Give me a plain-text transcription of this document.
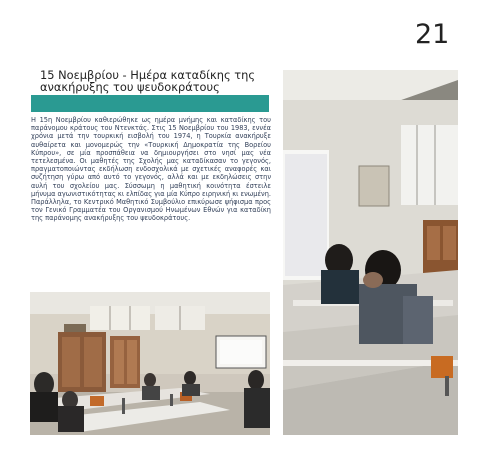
21
15 Νοεμβρίου - Ημέρα καταδίκης της ανακήρυξης του ψευδοκράτους
Η 15η Νοεμβρίου καθιερώθηκε ως ημέρα μνήμης και καταδίκης του παράνομου κράτους του Ντενκτάς. Στις 15 Νοεμβρίου του 1983, εννέα χρόνια μετά την τουρκική εισβολή του 1974, η Τουρκία ανακήρυξε αυθαίρετα και μονομερώς την «Τουρκική Δημοκρατία της Βορείου Κύπρου», σε μία προσπάθεια να δημιουργήσει στο νησί μας νέα τετελεσμένα. Οι μαθητές της Σχολής μας καταδίκασαν το γεγονός, πραγματοποιώντας εκδήλωση ενδοσχολικά με σχετικές αναφορές και συζήτηση γύρω από αυτό το γεγονός, αλλά και με εκδηλώσεις στην αυλή του σχολείου μας. Σύσσωμη η μαθητική κοινότητα έστειλε μήνυμα αγωνιστικότητας κι ελπίδας για μία Κύπρο ειρηνική κι ενωμένη. Παράλληλα, το Κεντρικό Μαθητικό Συμβούλιο επικύρωσε ψήφισμα προς τον Γενικό Γραμματέα του Οργανισμού Ηνωμένων Εθνών για καταδίκη της παράνομης ανακήρυξης του ψευδοκράτους.
